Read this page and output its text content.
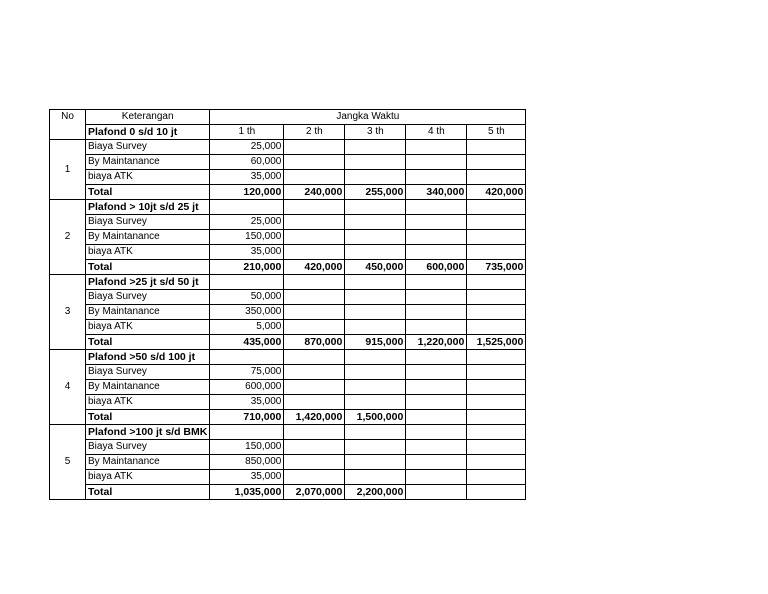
No	Keterangan	Jangka Waktu				
	Plafond 0 s/d 10 jt	1 th	2 th	3 th	4 th	5 th
1	Biaya Survey	25,000				
	By Maintanance	60,000				
	biaya ATK	35,000				
	Total	120,000	240,000	255,000	340,000	420,000
2	Plafond > 10jt s/d 25 jt					
	Biaya Survey	25,000				
	By Maintanance	150,000				
	biaya ATK	35,000				
	Total	210,000	420,000	450,000	600,000	735,000
3	Plafond >25 jt s/d 50 jt					
	Biaya Survey	50,000				
	By Maintanance	350,000				
	biaya ATK	5,000				
	Total	435,000	870,000	915,000	1,220,000	1,525,000
4	Plafond >50 s/d 100 jt					
	Biaya Survey	75,000				
	By Maintanance	600,000				
	biaya ATK	35,000				
	Total	710,000	1,420,000	1,500,000		
5	Plafond >100 jt s/d BMK					
	Biaya Survey	150,000				
	By Maintanance	850,000				
	biaya ATK	35,000				
	Total	1,035,000	2,070,000	2,200,000		
